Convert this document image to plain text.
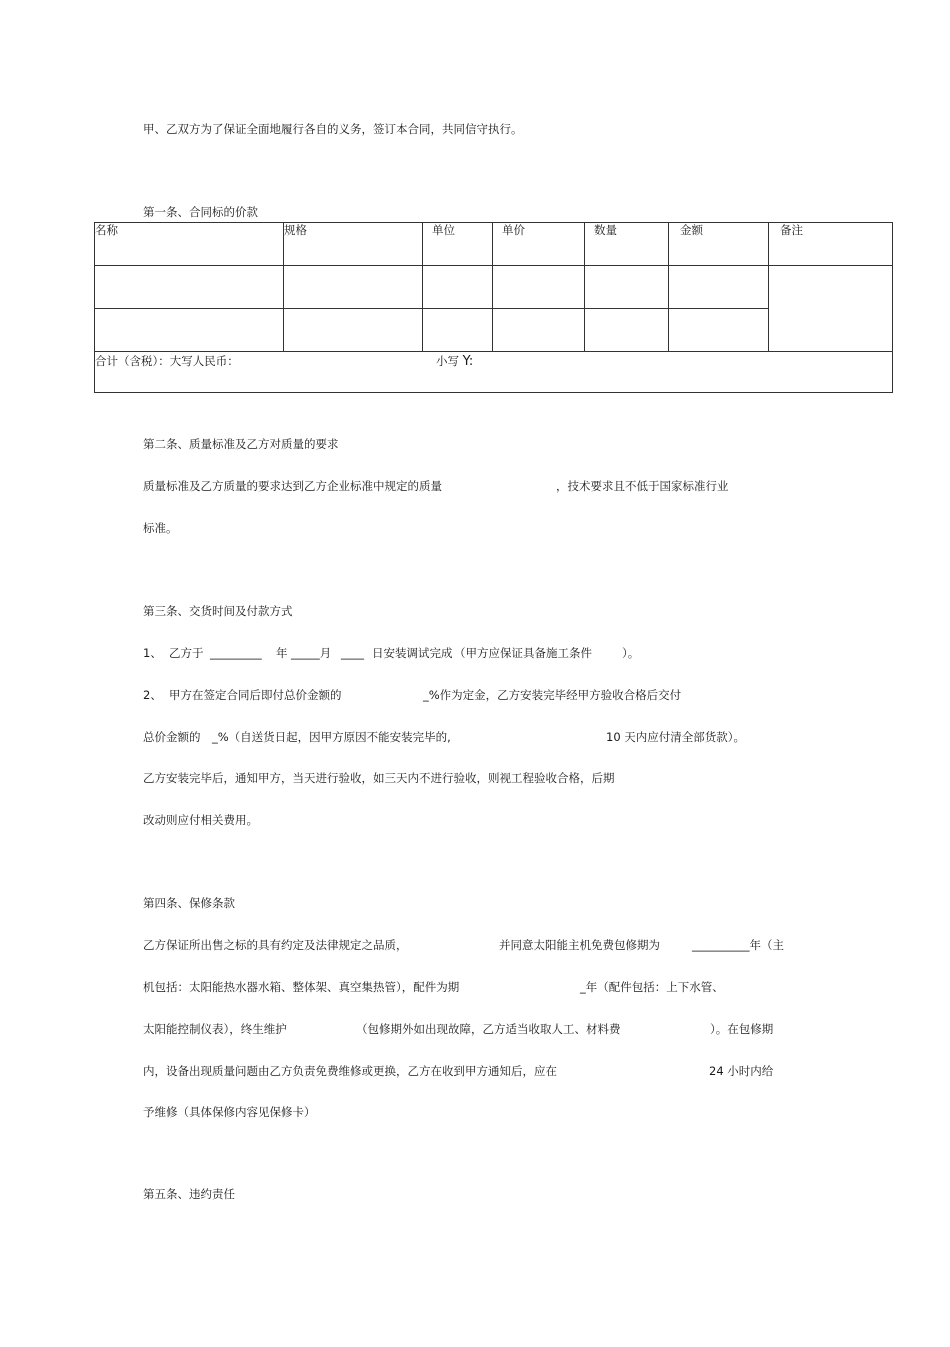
甲、乙双方为了保证全面地履行各自的义务，签订本合同，共同信守执行。
第一条、合同标的价款
名称	规格	单位	单价	数量	金额	备注

合计（含税）：大写人民币： 小写 Y:						
第二条、质量标准及乙方对质量的要求
质量标准及乙方质量的要求达到乙方企业标准中规定的质量	，技术要求且不低于国家标准行业
标准。
第三条、交货时间及付款方式
1、 乙方于 _________ 年 _____月 ____ 日安装调试完成 （甲方应保证具备施工条件	）。
2、 甲方在签定合同后即付总价金额的	_%作为定金，乙方安装完毕经甲方验收合格后交付
总价金额的 _%（自送货日起，因甲方原因不能安装完毕的,	10 天内应付清全部货款）。
乙方安装完毕后，通知甲方，当天进行验收，如三天内不进行验收，则视工程验收合格，后期
改动则应付相关费用。
第四条、保修条款
乙方保证所出售之标的具有约定及法律规定之品质，	并同意太阳能主机免费包修期为	__________年（主
机包括：太阳能热水器水箱、整体架、真空集热管），配件为期	_年（配件包括：上下水管、
太阳能控制仪表），终生维护	（包修期外如出现故障，乙方适当收取人工、材料费	）。在包修期
内，设备出现质量问题由乙方负责免费维修或更换，乙方在收到甲方通知后，应在	24 小时内给
予维修（具体保修内容见保修卡）
第五条、违约责任
